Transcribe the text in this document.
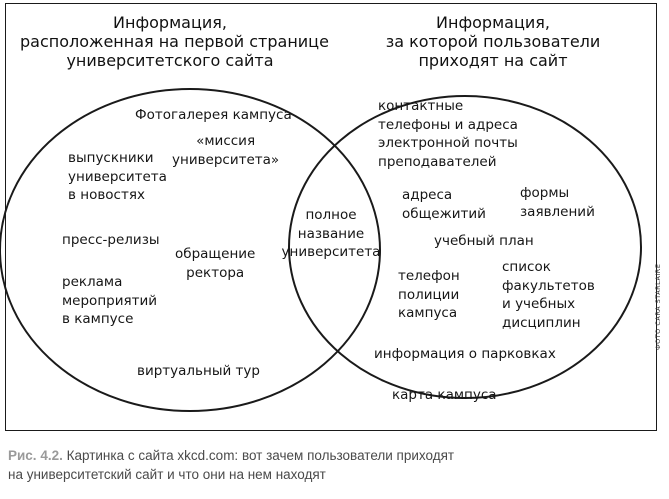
Информация,
расположенная на первой странице
университетского сайта
Информация,
за которой пользователи
приходят на сайт
Фотогалерея кампуса
выпускники
университета
в новостях
«миссия
университета»
пресс-релизы
обращение
ректора
реклама
мероприятий
в кампусе
виртуальный тур
полное
название
университета
контактные
телефоны и адреса
электронной почты
преподавателей
адреса
общежитий
формы
заявлений
учебный план
телефон
полиции
кампуса
список
факультетов
и учебных
дисциплин
информация о парковках
карта кампуса
ФОТО CARA STARLAIRE
Рис. 4.2. Картинка с сайта xkcd.com: вот зачем пользователи приходят
на университетский сайт и что они на нем находят
